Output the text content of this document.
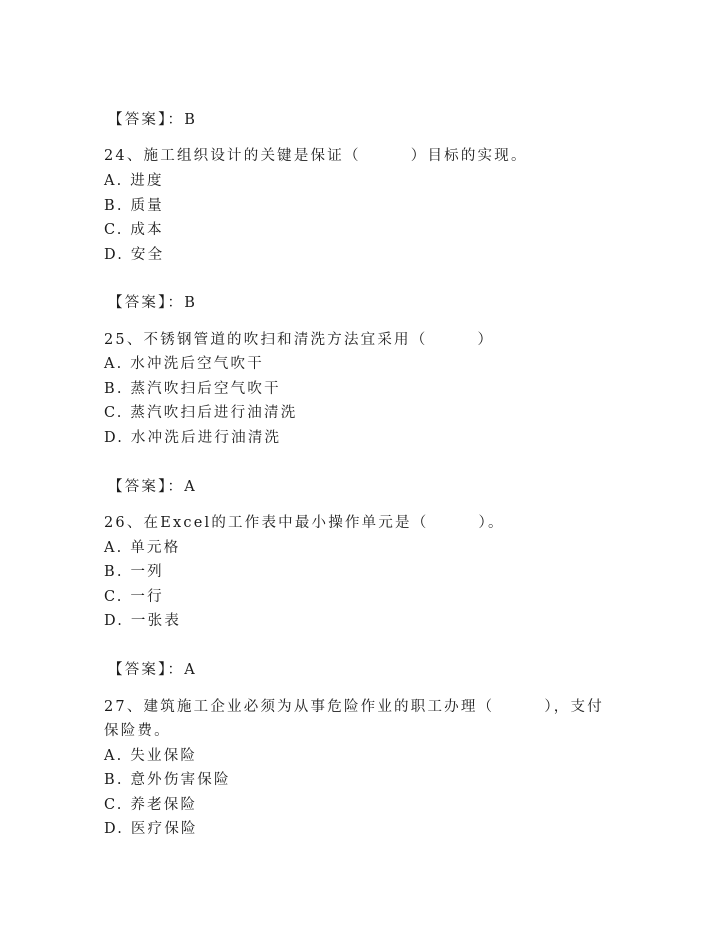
【答案】：B
24、施工组织设计的关键是保证（　　　）目标的实现。
A. 进度
B. 质量
C. 成本
D. 安全
【答案】：B
25、不锈钢管道的吹扫和清洗方法宜采用（　　　）
A. 水冲洗后空气吹干
B. 蒸汽吹扫后空气吹干
C. 蒸汽吹扫后进行油清洗
D. 水冲洗后进行油清洗
【答案】：A
26、在Excel的工作表中最小操作单元是（　　　）。
A. 单元格
B. 一列
C. 一行
D. 一张表
【答案】：A
27、建筑施工企业必须为从事危险作业的职工办理（　　　），支付
保险费。
A. 失业保险
B. 意外伤害保险
C. 养老保险
D. 医疗保险
